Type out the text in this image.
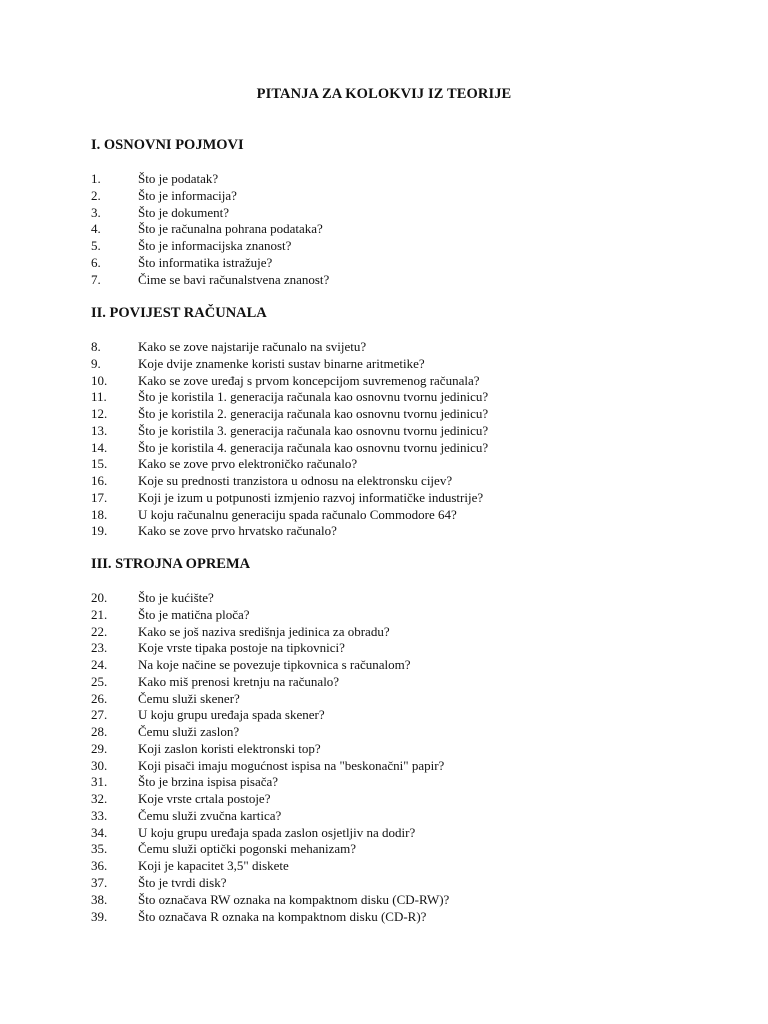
PITANJA ZA KOLOKVIJ IZ TEORIJE
I. OSNOVNI POJMOVI
1.	Što je podatak?
2.	Što je informacija?
3.	Što je dokument?
4.	Što je računalna pohrana podataka?
5.	Što je informacijska znanost?
6.	Što informatika istražuje?
7.	Čime se bavi računalstvena znanost?
II. POVIJEST RAČUNALA
8.	Kako se zove najstarije računalo na svijetu?
9.	Koje dvije znamenke koristi sustav binarne aritmetike?
10.	Kako se zove uređaj s prvom koncepcijom suvremenog računala?
11.	Što je koristila 1. generacija računala kao osnovnu tvornu jedinicu?
12.	Što je koristila 2. generacija računala kao osnovnu tvornu jedinicu?
13.	Što je koristila 3. generacija računala kao osnovnu tvornu jedinicu?
14.	Što je koristila 4. generacija računala kao osnovnu tvornu jedinicu?
15.	Kako se zove prvo elektroničko računalo?
16.	Koje su prednosti tranzistora u odnosu na elektronsku cijev?
17.	Koji je izum u potpunosti izmjenio razvoj informatičke industrije?
18.	U koju računalnu generaciju spada računalo Commodore 64?
19.	Kako se zove prvo hrvatsko računalo?
III. STROJNA OPREMA
20.	Što je kućište?
21.	Što je matična ploča?
22.	Kako se još naziva središnja jedinica za obradu?
23.	Koje vrste tipaka postoje na tipkovnici?
24.	Na koje načine se povezuje tipkovnica s računalom?
25.	Kako miš prenosi kretnju na računalo?
26.	Čemu služi skener?
27.	U koju grupu uređaja spada skener?
28.	Čemu služi zaslon?
29.	Koji zaslon koristi elektronski top?
30.	Koji pisači imaju mogućnost ispisa na "beskonačni" papir?
31.	Što je brzina ispisa pisača?
32.	Koje vrste crtala postoje?
33.	Čemu služi zvučna kartica?
34.	U koju grupu uređaja spada zaslon osjetljiv na dodir?
35.	Čemu služi optički pogonski mehanizam?
36.	Koji je kapacitet 3,5" diskete
37.	Što je tvrdi disk?
38.	Što označava RW oznaka na kompaktnom disku (CD-RW)?
39.	Što označava R oznaka na kompaktnom disku (CD-R)?
